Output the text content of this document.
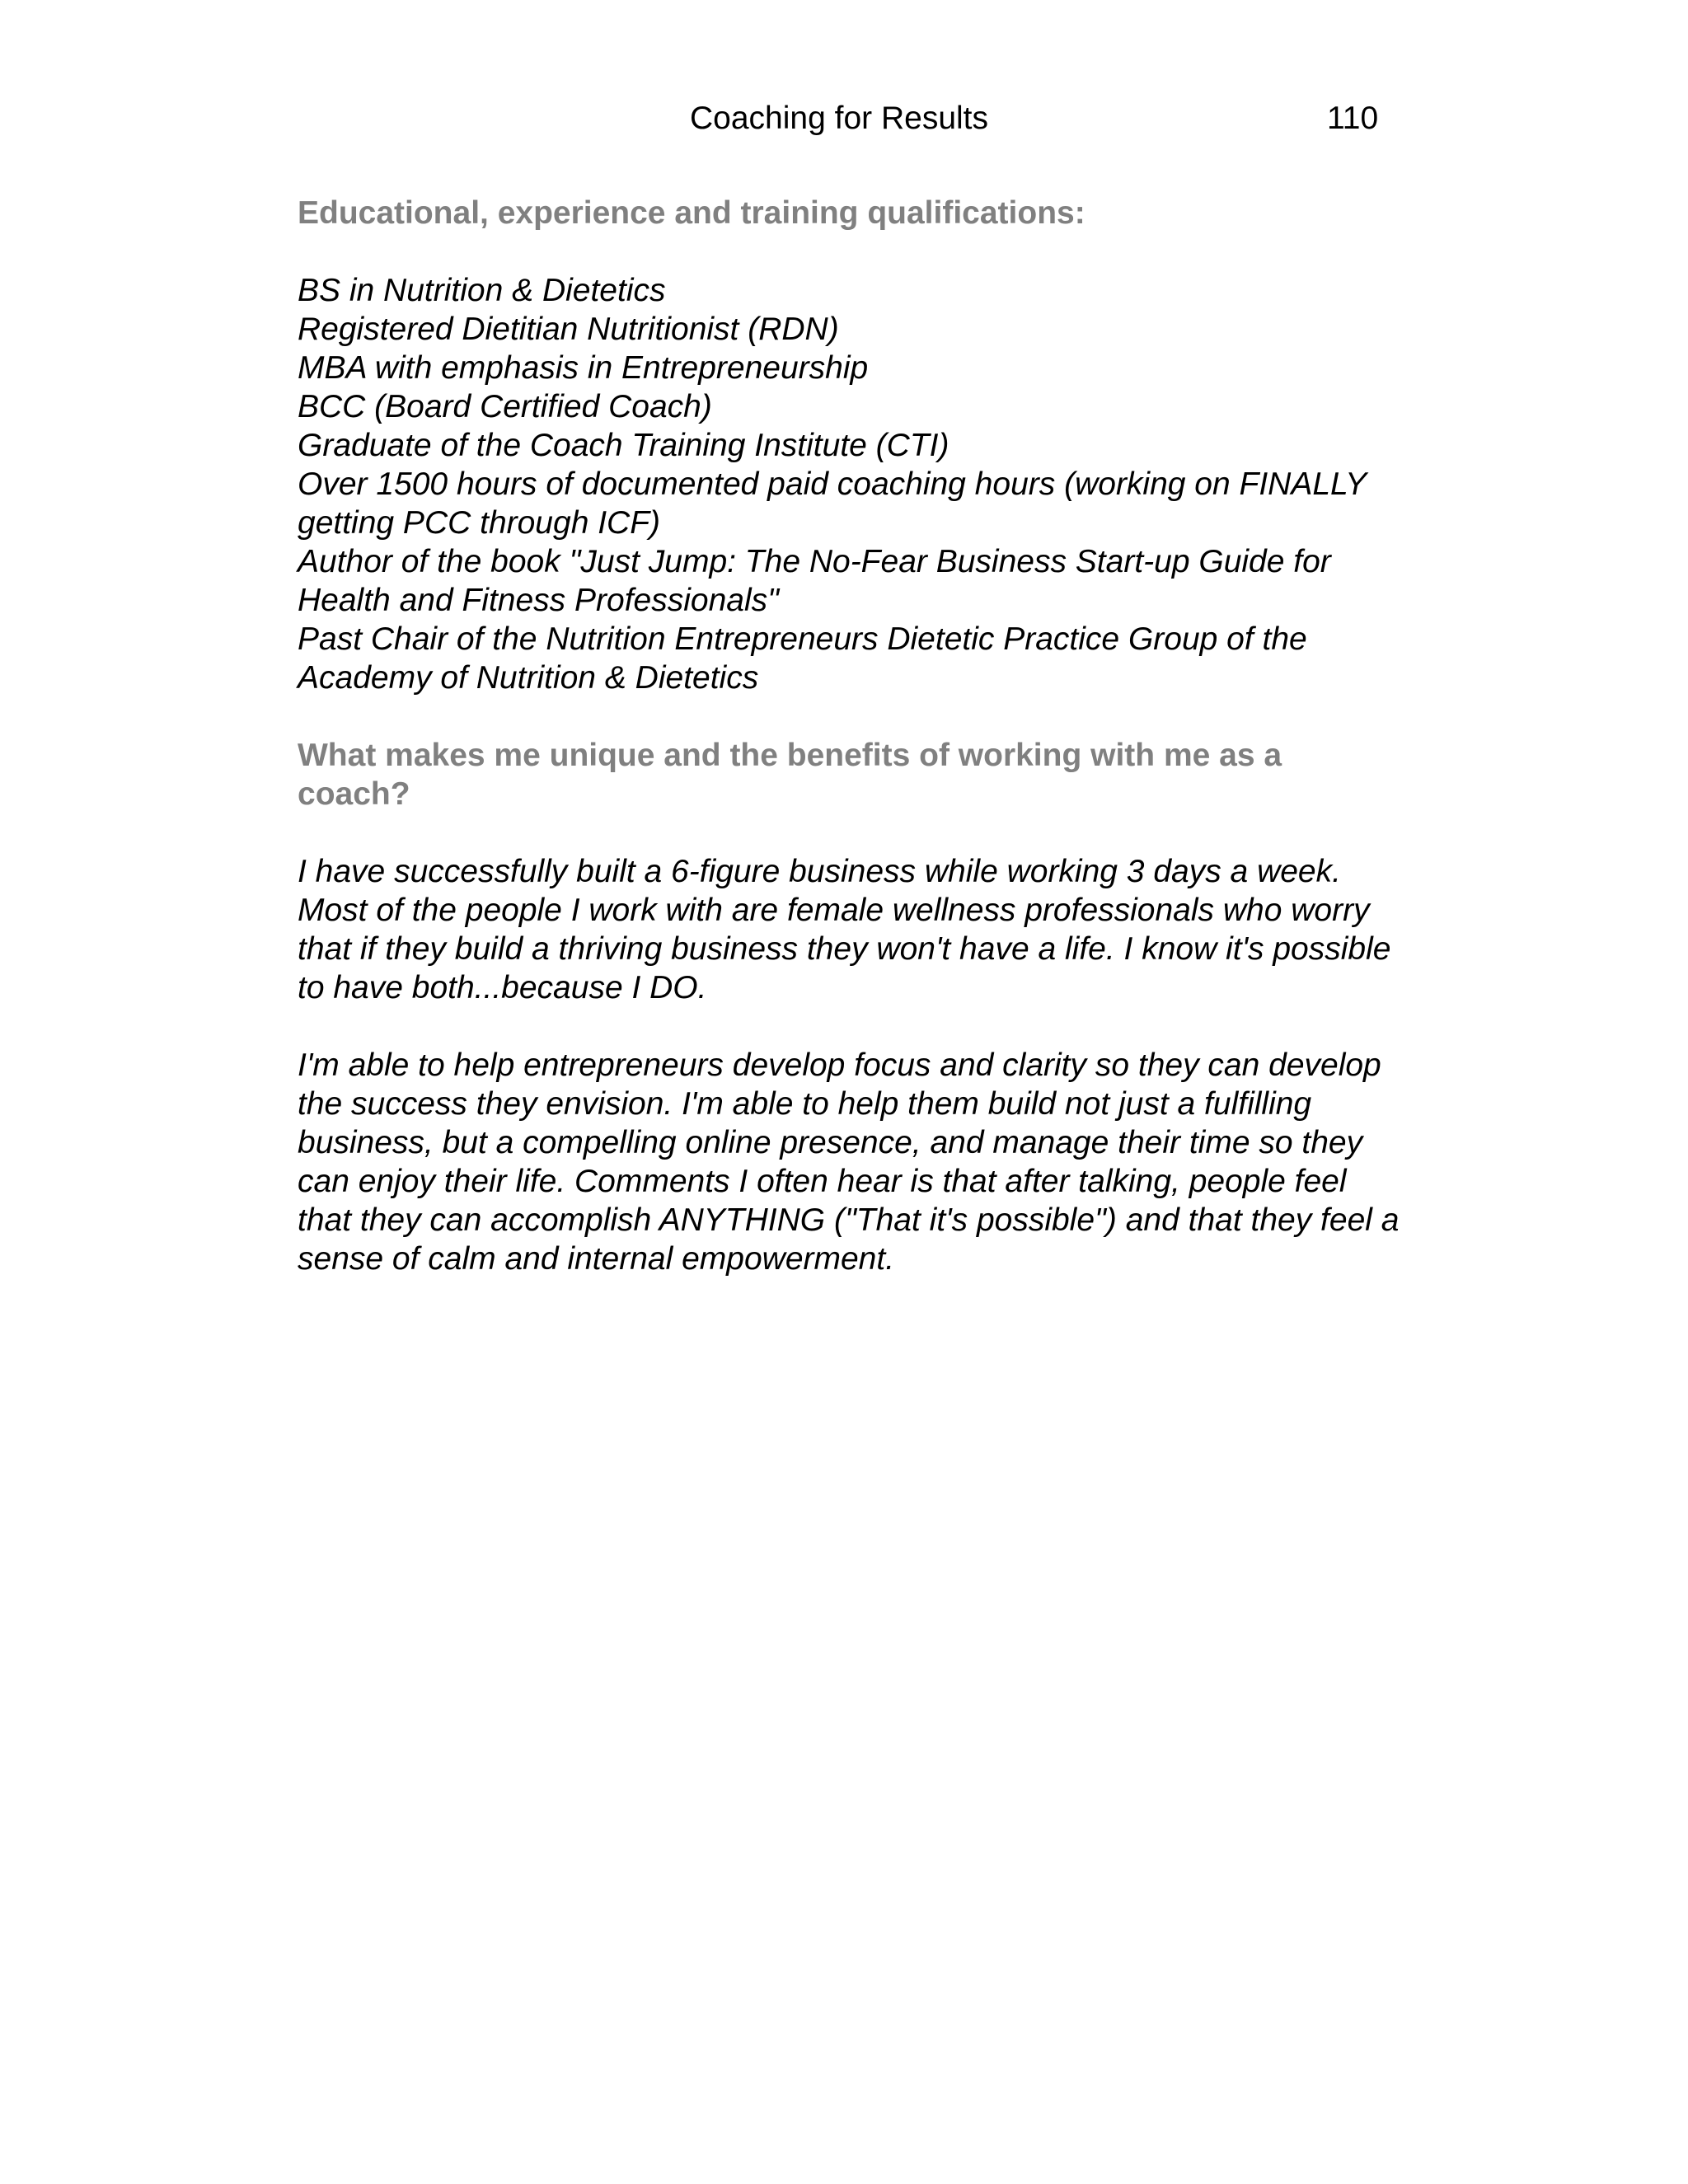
Coaching for Results	110

Educational, experience and training qualifications:

BS in Nutrition & Dietetics
Registered Dietitian Nutritionist (RDN)
MBA with emphasis in Entrepreneurship
BCC (Board Certified Coach)
Graduate of the Coach Training Institute (CTI)
Over 1500 hours of documented paid coaching hours (working on FINALLY getting PCC through ICF)
Author of the book "Just Jump: The No-Fear Business Start-up Guide for Health and Fitness Professionals"
Past Chair of the Nutrition Entrepreneurs Dietetic Practice Group of the Academy of Nutrition & Dietetics

What makes me unique and the benefits of working with me as a coach?

I have successfully built a 6-figure business while working 3 days a week. Most of the people I work with are female wellness professionals who worry that if they build a thriving business they won't have a life. I know it's possible to have both...because I DO.

I'm able to help entrepreneurs develop focus and clarity so they can develop the success they envision. I'm able to help them build not just a fulfilling business, but a compelling online presence, and manage their time so they can enjoy their life. Comments I often hear is that after talking, people feel that they can accomplish ANYTHING ("That it's possible") and that they feel a sense of calm and internal empowerment.
